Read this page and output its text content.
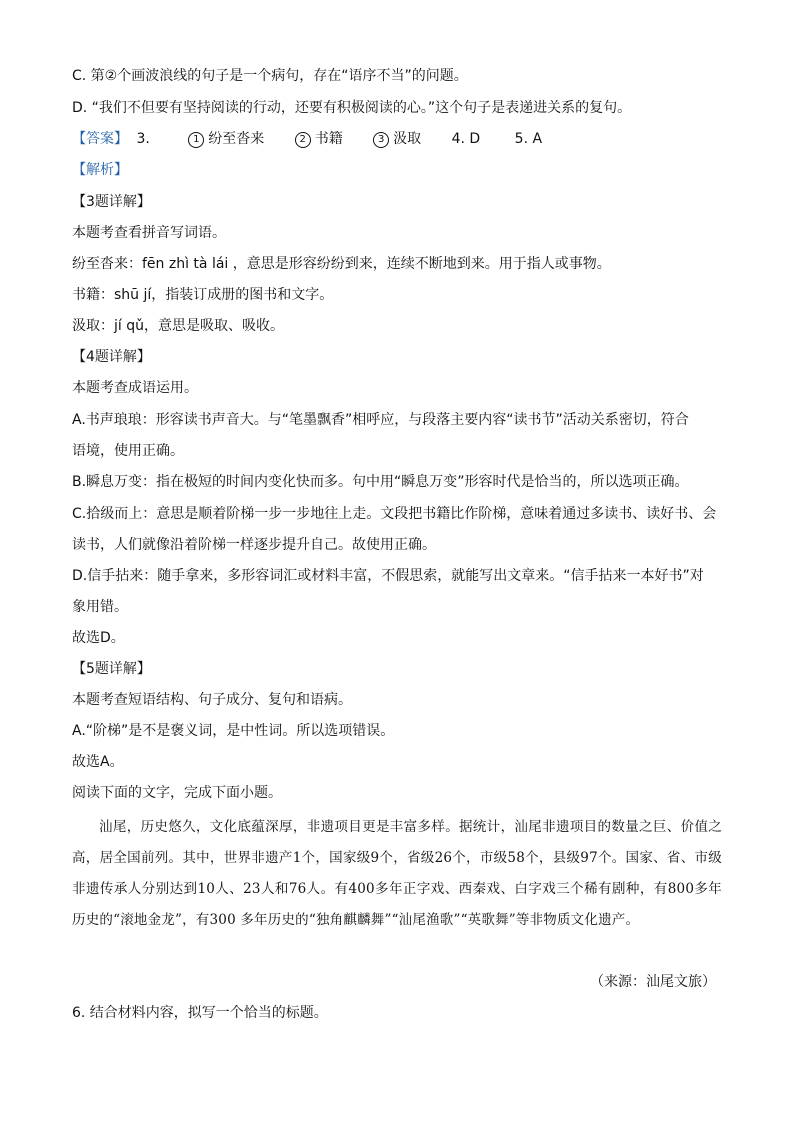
C. 第②个画波浪线的句子是一个病句，存在“语序不当”的问题。
D. “我们不但要有坚持阅读的行动，还要有积极阅读的心。”这个句子是表递进关系的复句。
【答案】 3.	1 纷至沓来	2 书籍	3 汲取 4. D 5. A
【解析】
【3题详解】
本题考查看拼音写词语。
纷至沓来：fēn zhì tà lái ，意思是形容纷纷到来，连续不断地到来。用于指人或事物。
书籍：shū jí，指装订成册的图书和文字。
汲取：jí qǔ，意思是吸取、吸收。
【4题详解】
本题考查成语运用。
A.书声琅琅：形容读书声音大。与“笔墨飘香”相呼应，与段落主要内容“读书节”活动关系密切，符合
语境，使用正确。
B.瞬息万变：指在极短的时间内变化快而多。句中用“瞬息万变”形容时代是恰当的，所以选项正确。
C.拾级而上：意思是顺着阶梯一步一步地往上走。文段把书籍比作阶梯，意味着通过多读书、读好书、会
读书，人们就像沿着阶梯一样逐步提升自己。故使用正确。
D.信手拈来：随手拿来，多形容词汇或材料丰富，不假思索，就能写出文章来。“信手拈来一本好书”对
象用错。
故选D。
【5题详解】
本题考查短语结构、句子成分、复句和语病。
A.“阶梯”是不是褒义词，是中性词。所以选项错误。
故选A。
阅读下面的文字，完成下面小题。

汕尾，历史悠久，文化底蕴深厚，非遗项目更是丰富多样。据统计，汕尾非遗项目的数量之巨、价值之高，居全国前列。其中，世界非遗产1个，国家级9个，省级26个，市级58个，县级97个。国家、省、市级非遗传承人分别达到10人、23人和76人。有400多年正字戏、西秦戏、白字戏三个稀有剧种，有800多年历史的“滚地金龙”，有300 多年历史的“独角麒麟舞”“汕尾渔歌”“英歌舞”等非物质文化遗产。

（来源：汕尾文旅）
6. 结合材料内容，拟写一个恰当的标题。
